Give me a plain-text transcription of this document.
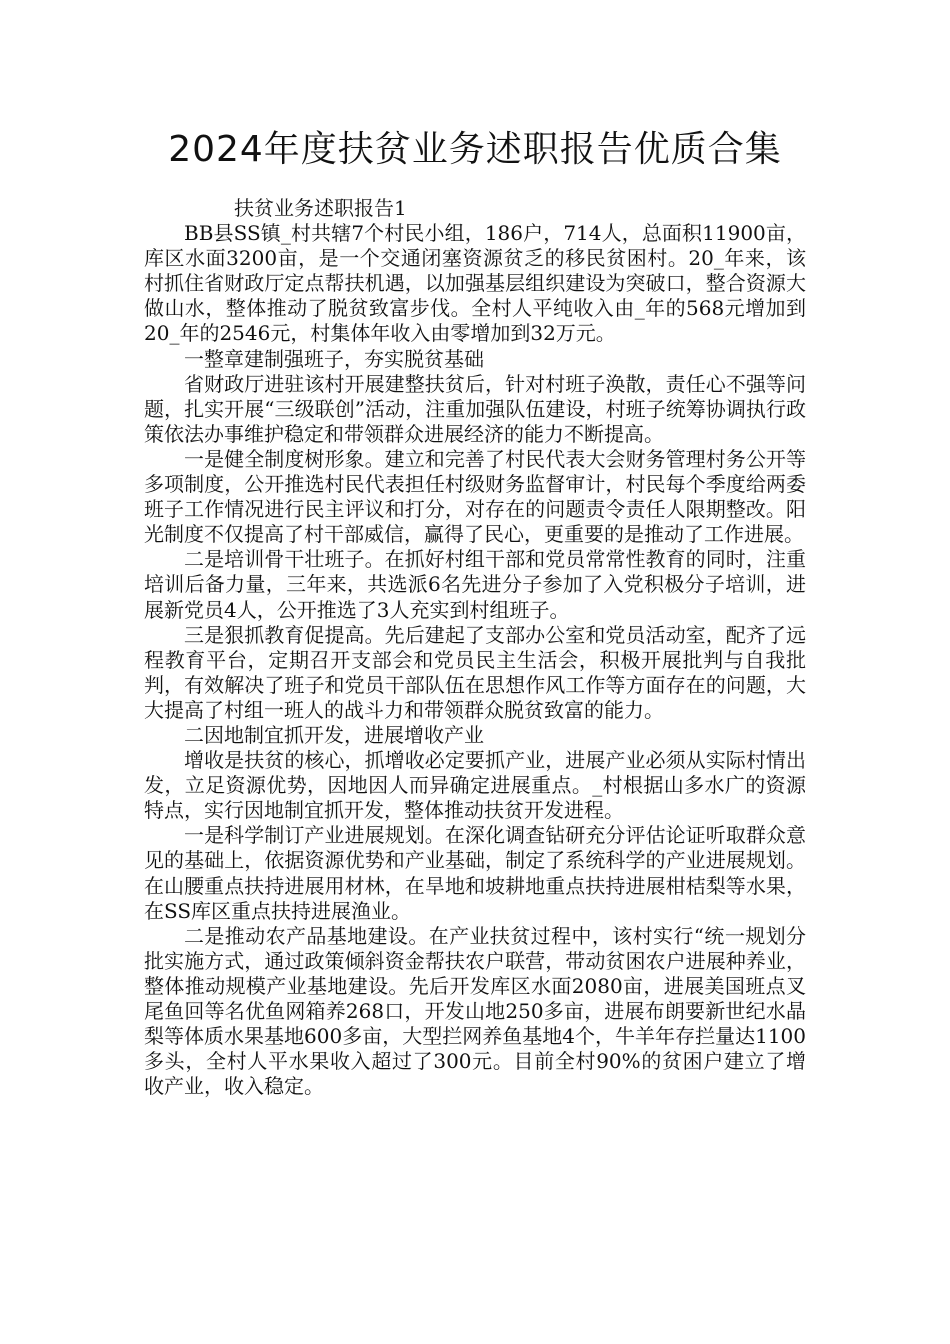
2024年度扶贫业务述职报告优质合集

扶贫业务述职报告1

BB县SS镇_村共辖7个村民小组，186户，714人，总面积11900亩，库区水面3200亩，是一个交通闭塞资源贫乏的移民贫困村。20_年来，该村抓住省财政厅定点帮扶机遇，以加强基层组织建设为突破口，整合资源大做山水，整体推动了脱贫致富步伐。全村人平纯收入由_年的568元增加到20_年的2546元，村集体年收入由零增加到32万元。

一整章建制强班子，夯实脱贫基础

省财政厅进驻该村开展建整扶贫后，针对村班子涣散，责任心不强等问题，扎实开展“三级联创”活动，注重加强队伍建设，村班子统筹协调执行政策依法办事维护稳定和带领群众进展经济的能力不断提高。

一是健全制度树形象。建立和完善了村民代表大会财务管理村务公开等多项制度，公开推选村民代表担任村级财务监督审计，村民每个季度给两委班子工作情况进行民主评议和打分，对存在的问题责令责任人限期整改。阳光制度不仅提高了村干部威信，赢得了民心，更重要的是推动了工作进展。

二是培训骨干壮班子。在抓好村组干部和党员常常性教育的同时，注重培训后备力量，三年来，共选派6名先进分子参加了入党积极分子培训，进展新党员4人，公开推选了3人充实到村组班子。

三是狠抓教育促提高。先后建起了支部办公室和党员活动室，配齐了远程教育平台，定期召开支部会和党员民主生活会，积极开展批判与自我批判，有效解决了班子和党员干部队伍在思想作风工作等方面存在的问题，大大提高了村组一班人的战斗力和带领群众脱贫致富的能力。

二因地制宜抓开发，进展增收产业

增收是扶贫的核心，抓增收必定要抓产业，进展产业必须从实际村情出发，立足资源优势，因地因人而异确定进展重点。_村根据山多水广的资源特点，实行因地制宜抓开发，整体推动扶贫开发进程。

一是科学制订产业进展规划。在深化调查钻研充分评估论证听取群众意见的基础上，依据资源优势和产业基础，制定了系统科学的产业进展规划。在山腰重点扶持进展用材林，在旱地和坡耕地重点扶持进展柑桔梨等水果，在SS库区重点扶持进展渔业。

二是推动农产品基地建设。在产业扶贫过程中，该村实行“统一规划分批实施方式，通过政策倾斜资金帮扶农户联营，带动贫困农户进展种养业，整体推动规模产业基地建设。先后开发库区水面2080亩，进展美国班点叉尾鱼回等名优鱼网箱养268口，开发山地250多亩，进展布朗要新世纪水晶梨等体质水果基地600多亩，大型拦网养鱼基地4个，牛羊年存拦量达1100多头，全村人平水果收入超过了300元。目前全村90%的贫困户建立了增收产业，收入稳定。
